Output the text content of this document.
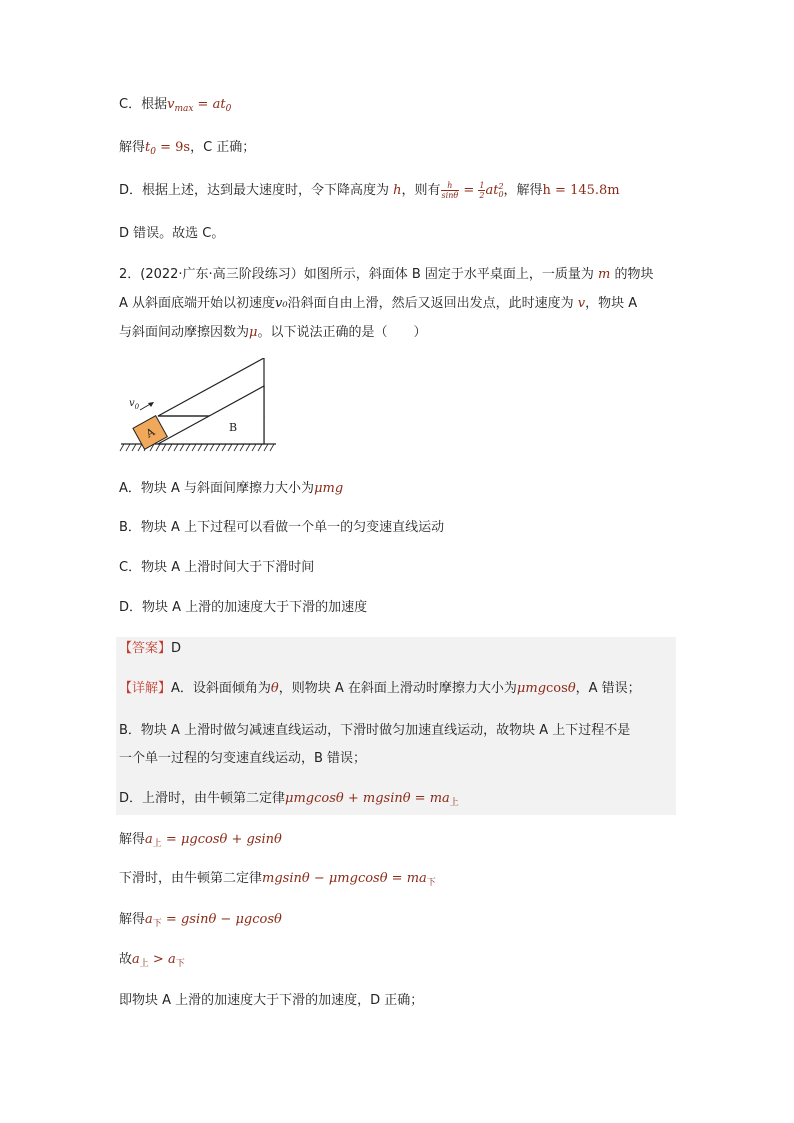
C．根据$v_{max} = at_0$
解得$t_0 = 9s$，C 正确；
D．根据上述，达到最大速度时，令下降高度为 h，则有 $\frac{h}{\sin\theta} = \frac{1}{2}$ at 2
0 ，解得h = 145.8m
D 错误。故选 C。
2．(2022·广东·高三阶段练习）如图所示，斜面体 B 固定于水平桌面上，一质量为 m 的物块
A 从斜面底端开始以初速度v₀沿斜面自由上滑，然后又返回出发点，此时速度为 v，物块 A
与斜面间动摩擦因数为μ。以下说法正确的是（　　）
A
$v_0$
B
A．物块 A 与斜面间摩擦力大小为μmg
B．物块 A 上下过程可以看做一个单一的匀变速直线运动
C．物块 A 上滑时间大于下滑时间
D．物块 A 上滑的加速度大于下滑的加速度
【答案】D
【详解】A．设斜面倾角为θ，则物块 A 在斜面上滑动时摩擦力大小为μmgcosθ，A 错误；
B．物块 A 上滑时做匀减速直线运动，下滑时做匀加速直线运动，故物块 A 上下过程不是
一个单一过程的匀变速直线运动，B 错误；
D．上滑时，由牛顿第二定律$\mu mgcos\theta + mgsin\theta = ma_上$
解得$a_上 = \mu gcos\theta + gsin\theta$
下滑时，由牛顿第二定律$mgsin\theta - \mu mgcos\theta = ma_下$
解得$a_下 = gsin\theta - \mu gcos\theta$
故$a_上 > a_下$
即物块 A 上滑的加速度大于下滑的加速度，D 正确；
